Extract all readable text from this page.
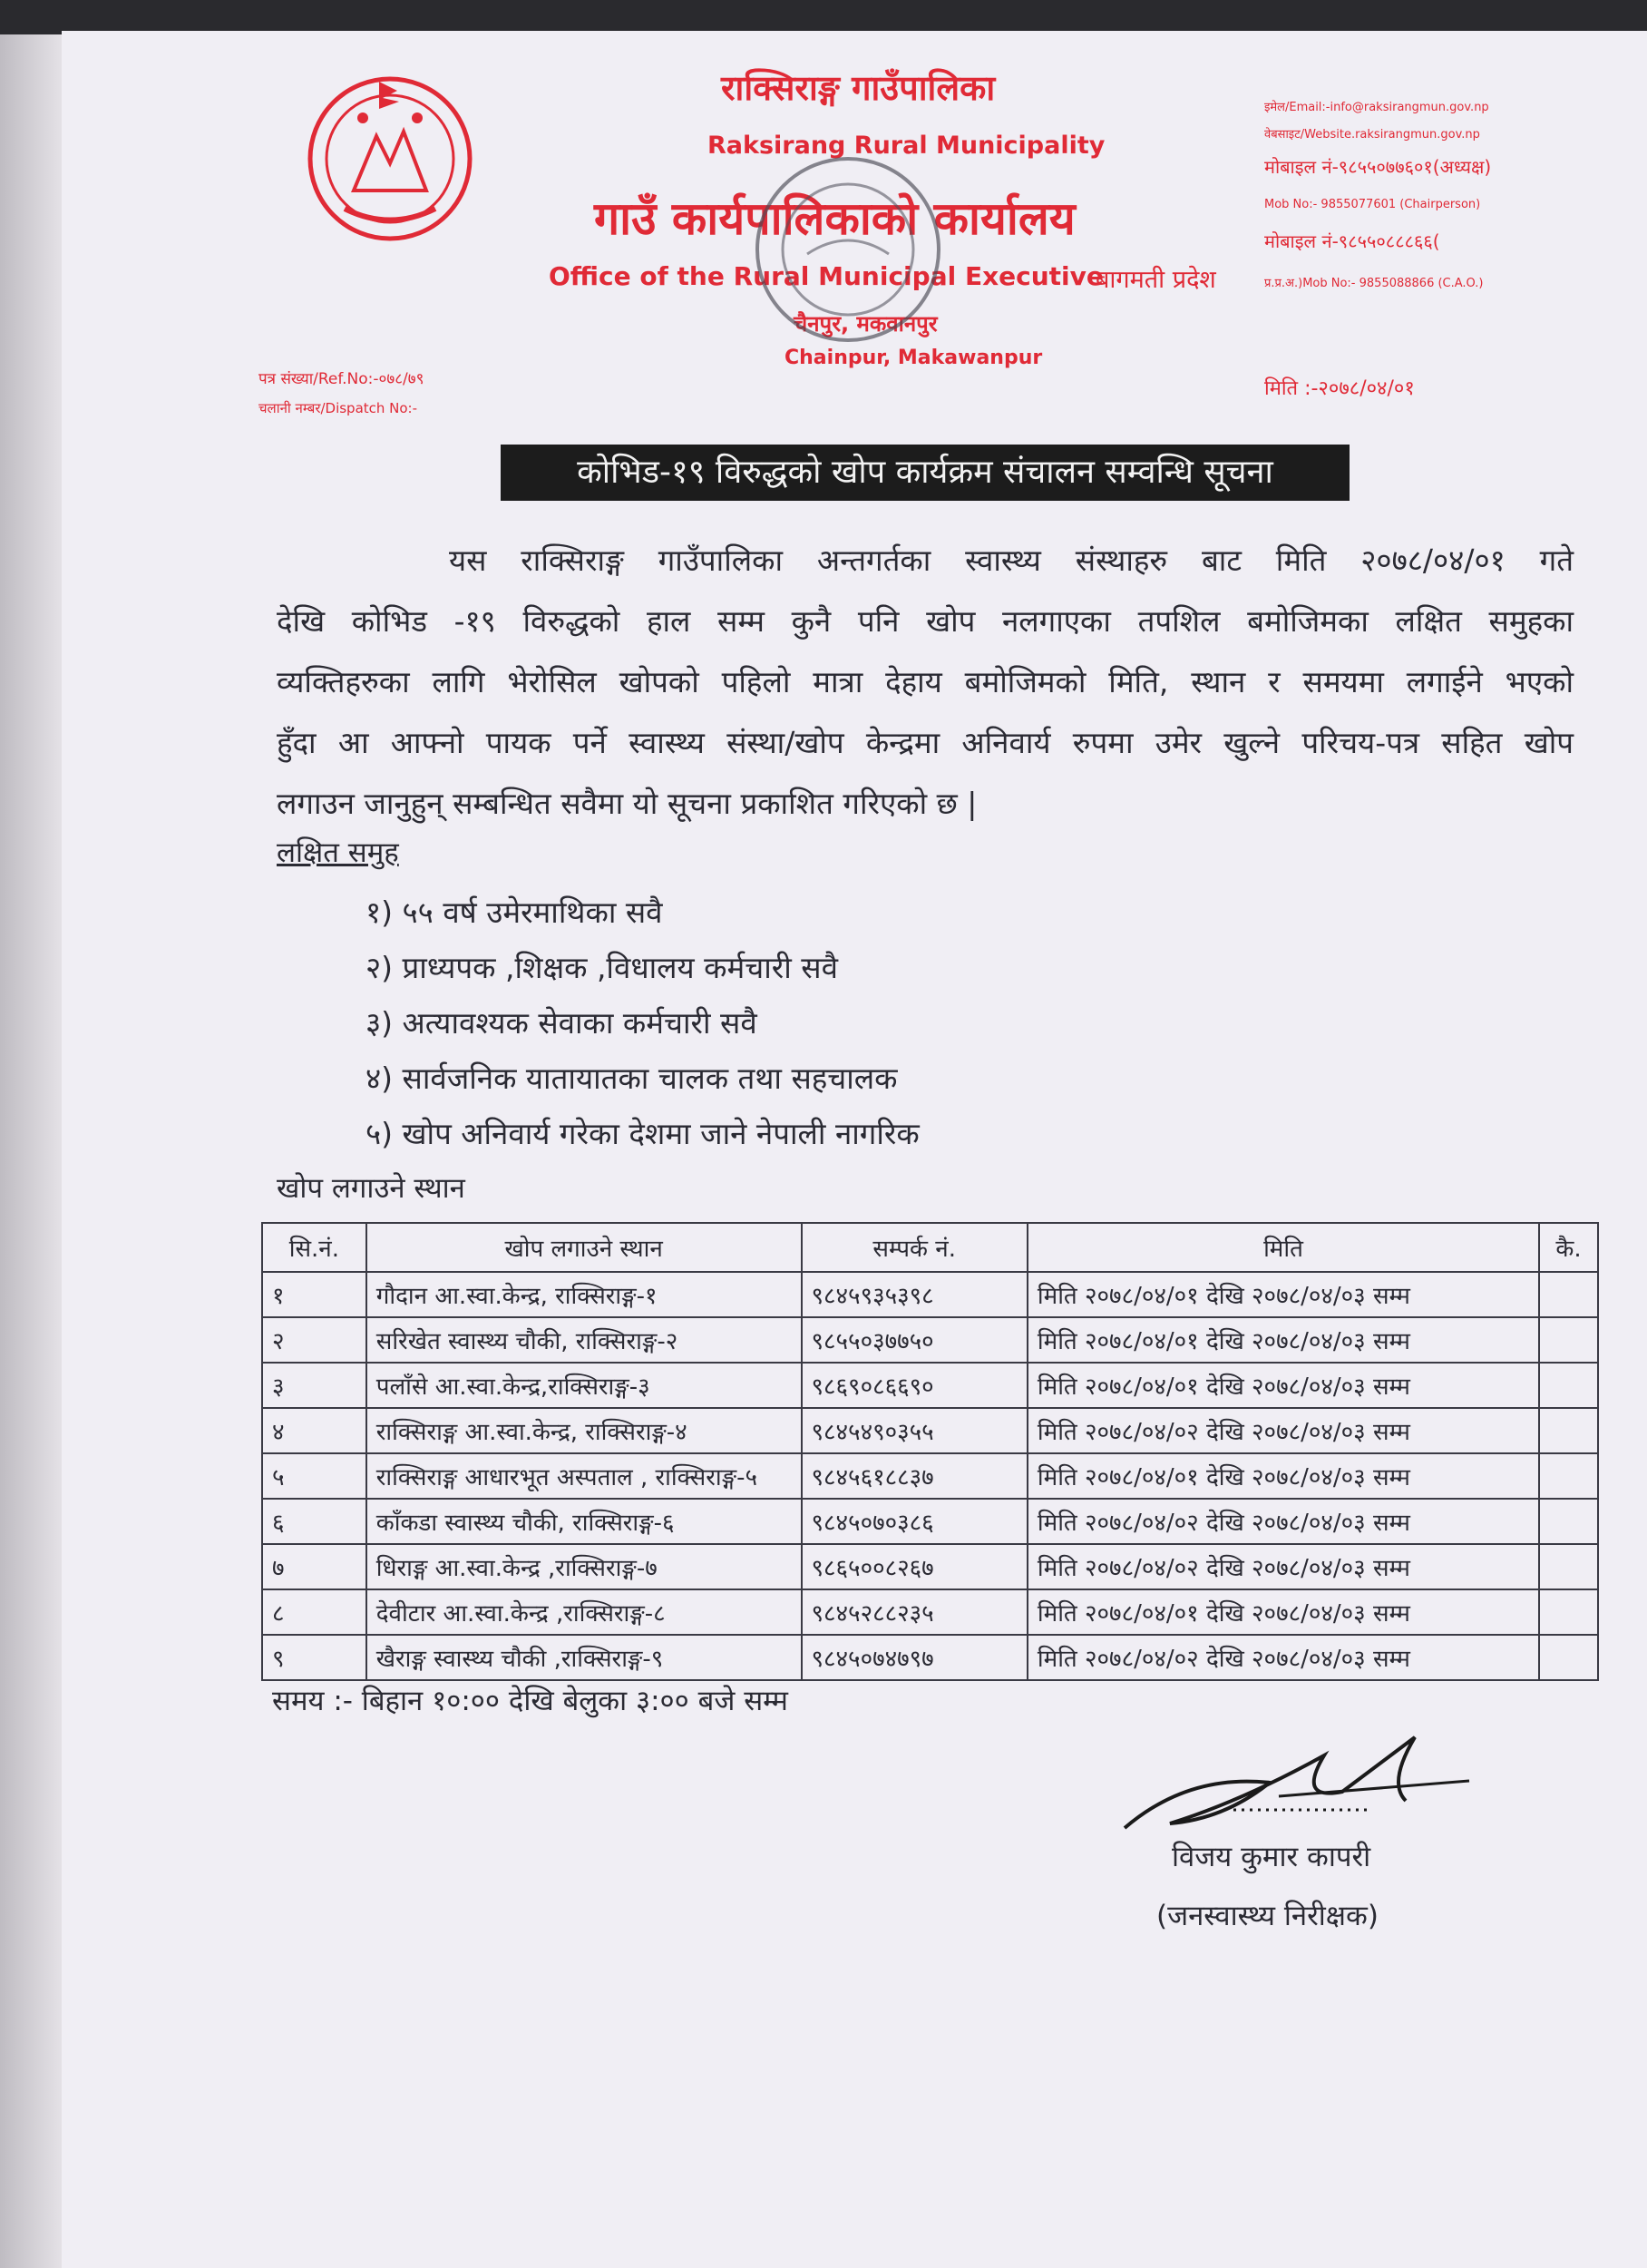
राक्सिराङ्ग गाउँपालिका
Raksirang Rural Municipality
गाउँ कार्यपालिकाको कार्यालय
Office of the Rural Municipal Executive
बागमती प्रदेश
चैनपुर, मकवानपुर
Chainpur, Makawanpur
इमेल/Email:-info@raksirangmun.gov.np
वेबसाइट/Website.raksirangmun.gov.np
मोबाइल नं-९८५५०७७६०१(अध्यक्ष)
Mob No:- 9855077601 (Chairperson)
मोबाइल नं-९८५५०८८८६६(
प्र.प्र.अ.)Mob No:- 9855088866 (C.A.O.)
पत्र संख्या/Ref.No:-०७८/७९
चलानी नम्बर/Dispatch No:-
मिति :-२०७८/०४/०१
कोभिड-१९ विरुद्धको खोप कार्यक्रम संचालन सम्वन्धि सूचना
यस राक्सिराङ्ग गाउँपालिका अन्तगर्तका स्वास्थ्य संस्थाहरु बाट मिति २०७८/०४/०१ गते
देखि कोभिड -१९ विरुद्धको हाल सम्म कुनै पनि खोप नलगाएका तपशिल बमोजिमका लक्षित समुहका
व्यक्तिहरुका लागि भेरोसिल खोपको पहिलो मात्रा देहाय बमोजिमको मिति, स्थान र समयमा लगाईने भएको
हुँदा आ आफ्नो पायक पर्ने स्वास्थ्य संस्था/खोप केन्द्रमा अनिवार्य रुपमा उमेर खुल्ने परिचय-पत्र सहित खोप
लगाउन जानुहुन् सम्बन्धित सवैमा यो सूचना प्रकाशित गरिएको छ |
लक्षित समुह
१) ५५ वर्ष उमेरमाथिका सवै
२) प्राध्यपक ,शिक्षक ,विधालय कर्मचारी सवै
३) अत्यावश्यक सेवाका कर्मचारी सवै
४) सार्वजनिक यातायातका चालक तथा सहचालक
५) खोप अनिवार्य गरेका देशमा जाने नेपाली नागरिक
खोप लगाउने स्थान
सि.नं.	खोप लगाउने स्थान	सम्पर्क नं.	मिति	कै.
१	गौदान आ.स्वा.केन्द्र, राक्सिराङ्ग-१	९८४५९३५३९८	मिति २०७८/०४/०१ देखि २०७८/०४/०३ सम्म	
२	सरिखेत स्वास्थ्य चौकी, राक्सिराङ्ग-२	९८५५०३७७५०	मिति २०७८/०४/०१ देखि २०७८/०४/०३ सम्म	
३	पलाँसे आ.स्वा.केन्द्र,राक्सिराङ्ग-३	९८६९०८६६९०	मिति २०७८/०४/०१ देखि २०७८/०४/०३ सम्म	
४	राक्सिराङ्ग आ.स्वा.केन्द्र, राक्सिराङ्ग-४	९८४५४९०३५५	मिति २०७८/०४/०२ देखि २०७८/०४/०३ सम्म	
५	राक्सिराङ्ग आधारभूत अस्पताल , राक्सिराङ्ग-५	९८४५६१८८३७	मिति २०७८/०४/०१ देखि २०७८/०४/०३ सम्म	
६	काँकडा स्वास्थ्य चौकी, राक्सिराङ्ग-६	९८४५०७०३८६	मिति २०७८/०४/०२ देखि २०७८/०४/०३ सम्म	
७	धिराङ्ग आ.स्वा.केन्द्र ,राक्सिराङ्ग-७	९८६५००८२६७	मिति २०७८/०४/०२ देखि २०७८/०४/०३ सम्म	
८	देवीटार आ.स्वा.केन्द्र ,राक्सिराङ्ग-८	९८४५२८८२३५	मिति २०७८/०४/०१ देखि २०७८/०४/०३ सम्म	
९	खैराङ्ग स्वास्थ्य चौकी ,राक्सिराङ्ग-९	९८४५०७४७९७	मिति २०७८/०४/०२ देखि २०७८/०४/०३ सम्म	
समय :- बिहान १०:०० देखि बेलुका ३:०० बजे सम्म
विजय कुमार कापरी
(जनस्वास्थ्य निरीक्षक)
